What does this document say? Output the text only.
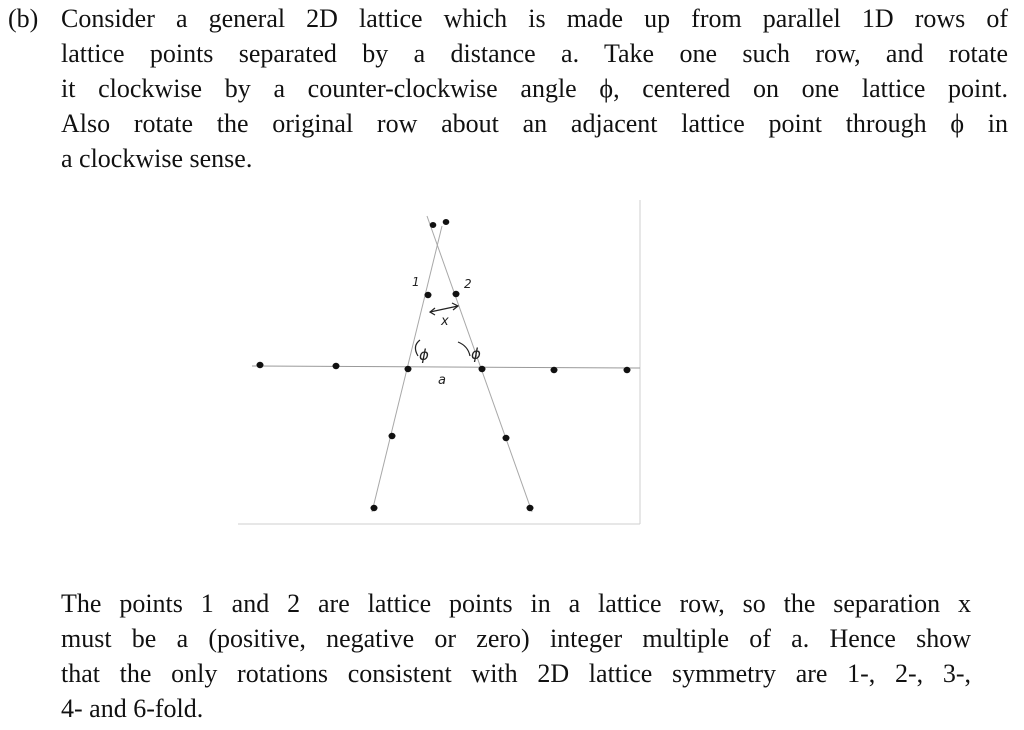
(b) Consider a general 2D lattice which is made up from parallel 1D rows of
lattice points separated by a distance a. Take one such row, and rotate
it clockwise by a counter-clockwise angle ϕ, centered on one lattice point.
Also rotate the original row about an adjacent lattice point through ϕ in
a clockwise sense.
1	2
x
ϕ	ϕ
a
The points 1 and 2 are lattice points in a lattice row, so the separation x
must be a (positive, negative or zero) integer multiple of a. Hence show
that the only rotations consistent with 2D lattice symmetry are 1-, 2-, 3-,
4- and 6-fold.
